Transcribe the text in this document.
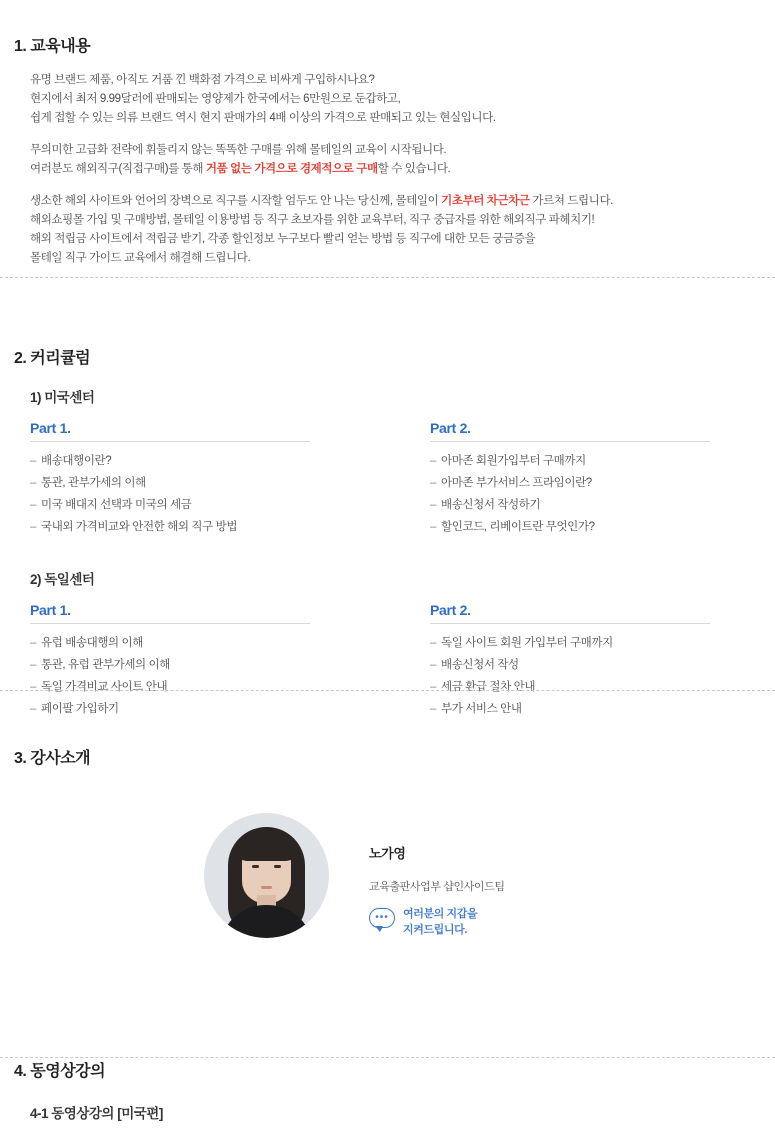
1. 교육내용
유명 브랜드 제품, 아직도 거품 낀 백화점 가격으로 비싸게 구입하시나요?
현지에서 최저 9.99달러에 판매되는 영양제가 한국에서는 6만원으로 둔갑하고,
쉽게 접할 수 있는 의류 브랜드 역시 현지 판매가의 4배 이상의 가격으로 판매되고 있는 현실입니다.
무의미한 고급화 전략에 휘둘리지 않는 똑똑한 구매를 위해 몰테일의 교육이 시작됩니다.
여러분도 해외직구(직접구매)를 통해 거품 없는 가격으로 경제적으로 구매할 수 있습니다.
생소한 해외 사이트와 언어의 장벽으로 직구를 시작할 엄두도 안 나는 당신께, 몰테일이 기초부터 차근차근 가르쳐 드립니다.
해외쇼핑몰 가입 및 구매방법, 몰테일 이용방법 등 직구 초보자를 위한 교육부터, 직구 중급자를 위한 해외직구 파헤치기!
해외 적립금 사이트에서 적립금 받기, 각종 할인정보 누구보다 빨리 얻는 방법 등 직구에 대한 모든 궁금증을
몰테일 직구 가이드 교육에서 해결해 드립니다.
2. 커리큘럼
1) 미국센터
Part 1.
– 배송대행이란?
– 통관, 관부가세의 이해
– 미국 배대지 선택과 미국의 세금
– 국내외 가격비교와 안전한 해외 직구 방법
Part 2.
– 아마존 회원가입부터 구매까지
– 아마존 부가서비스 프라임이란?
– 배송신청서 작성하기
– 할인코드, 리베이트란 무엇인가?
2) 독일센터
Part 1.
– 유럽 배송대행의 이해
– 통관, 유럽 관부가세의 이해
– 독일 가격비교 사이트 안내
– 페이팔 가입하기
Part 2.
– 독일 사이트 회원 가입부터 구매까지
– 배송신청서 작성
– 세금 환급 절차 안내
– 부가 서비스 안내
3. 강사소개
노가영
교육출판사업부 샵인사이드팀
•••	여러분의 지갑을
지켜드립니다.
4. 동영상강의
4-1 동영상강의 [미국편]
